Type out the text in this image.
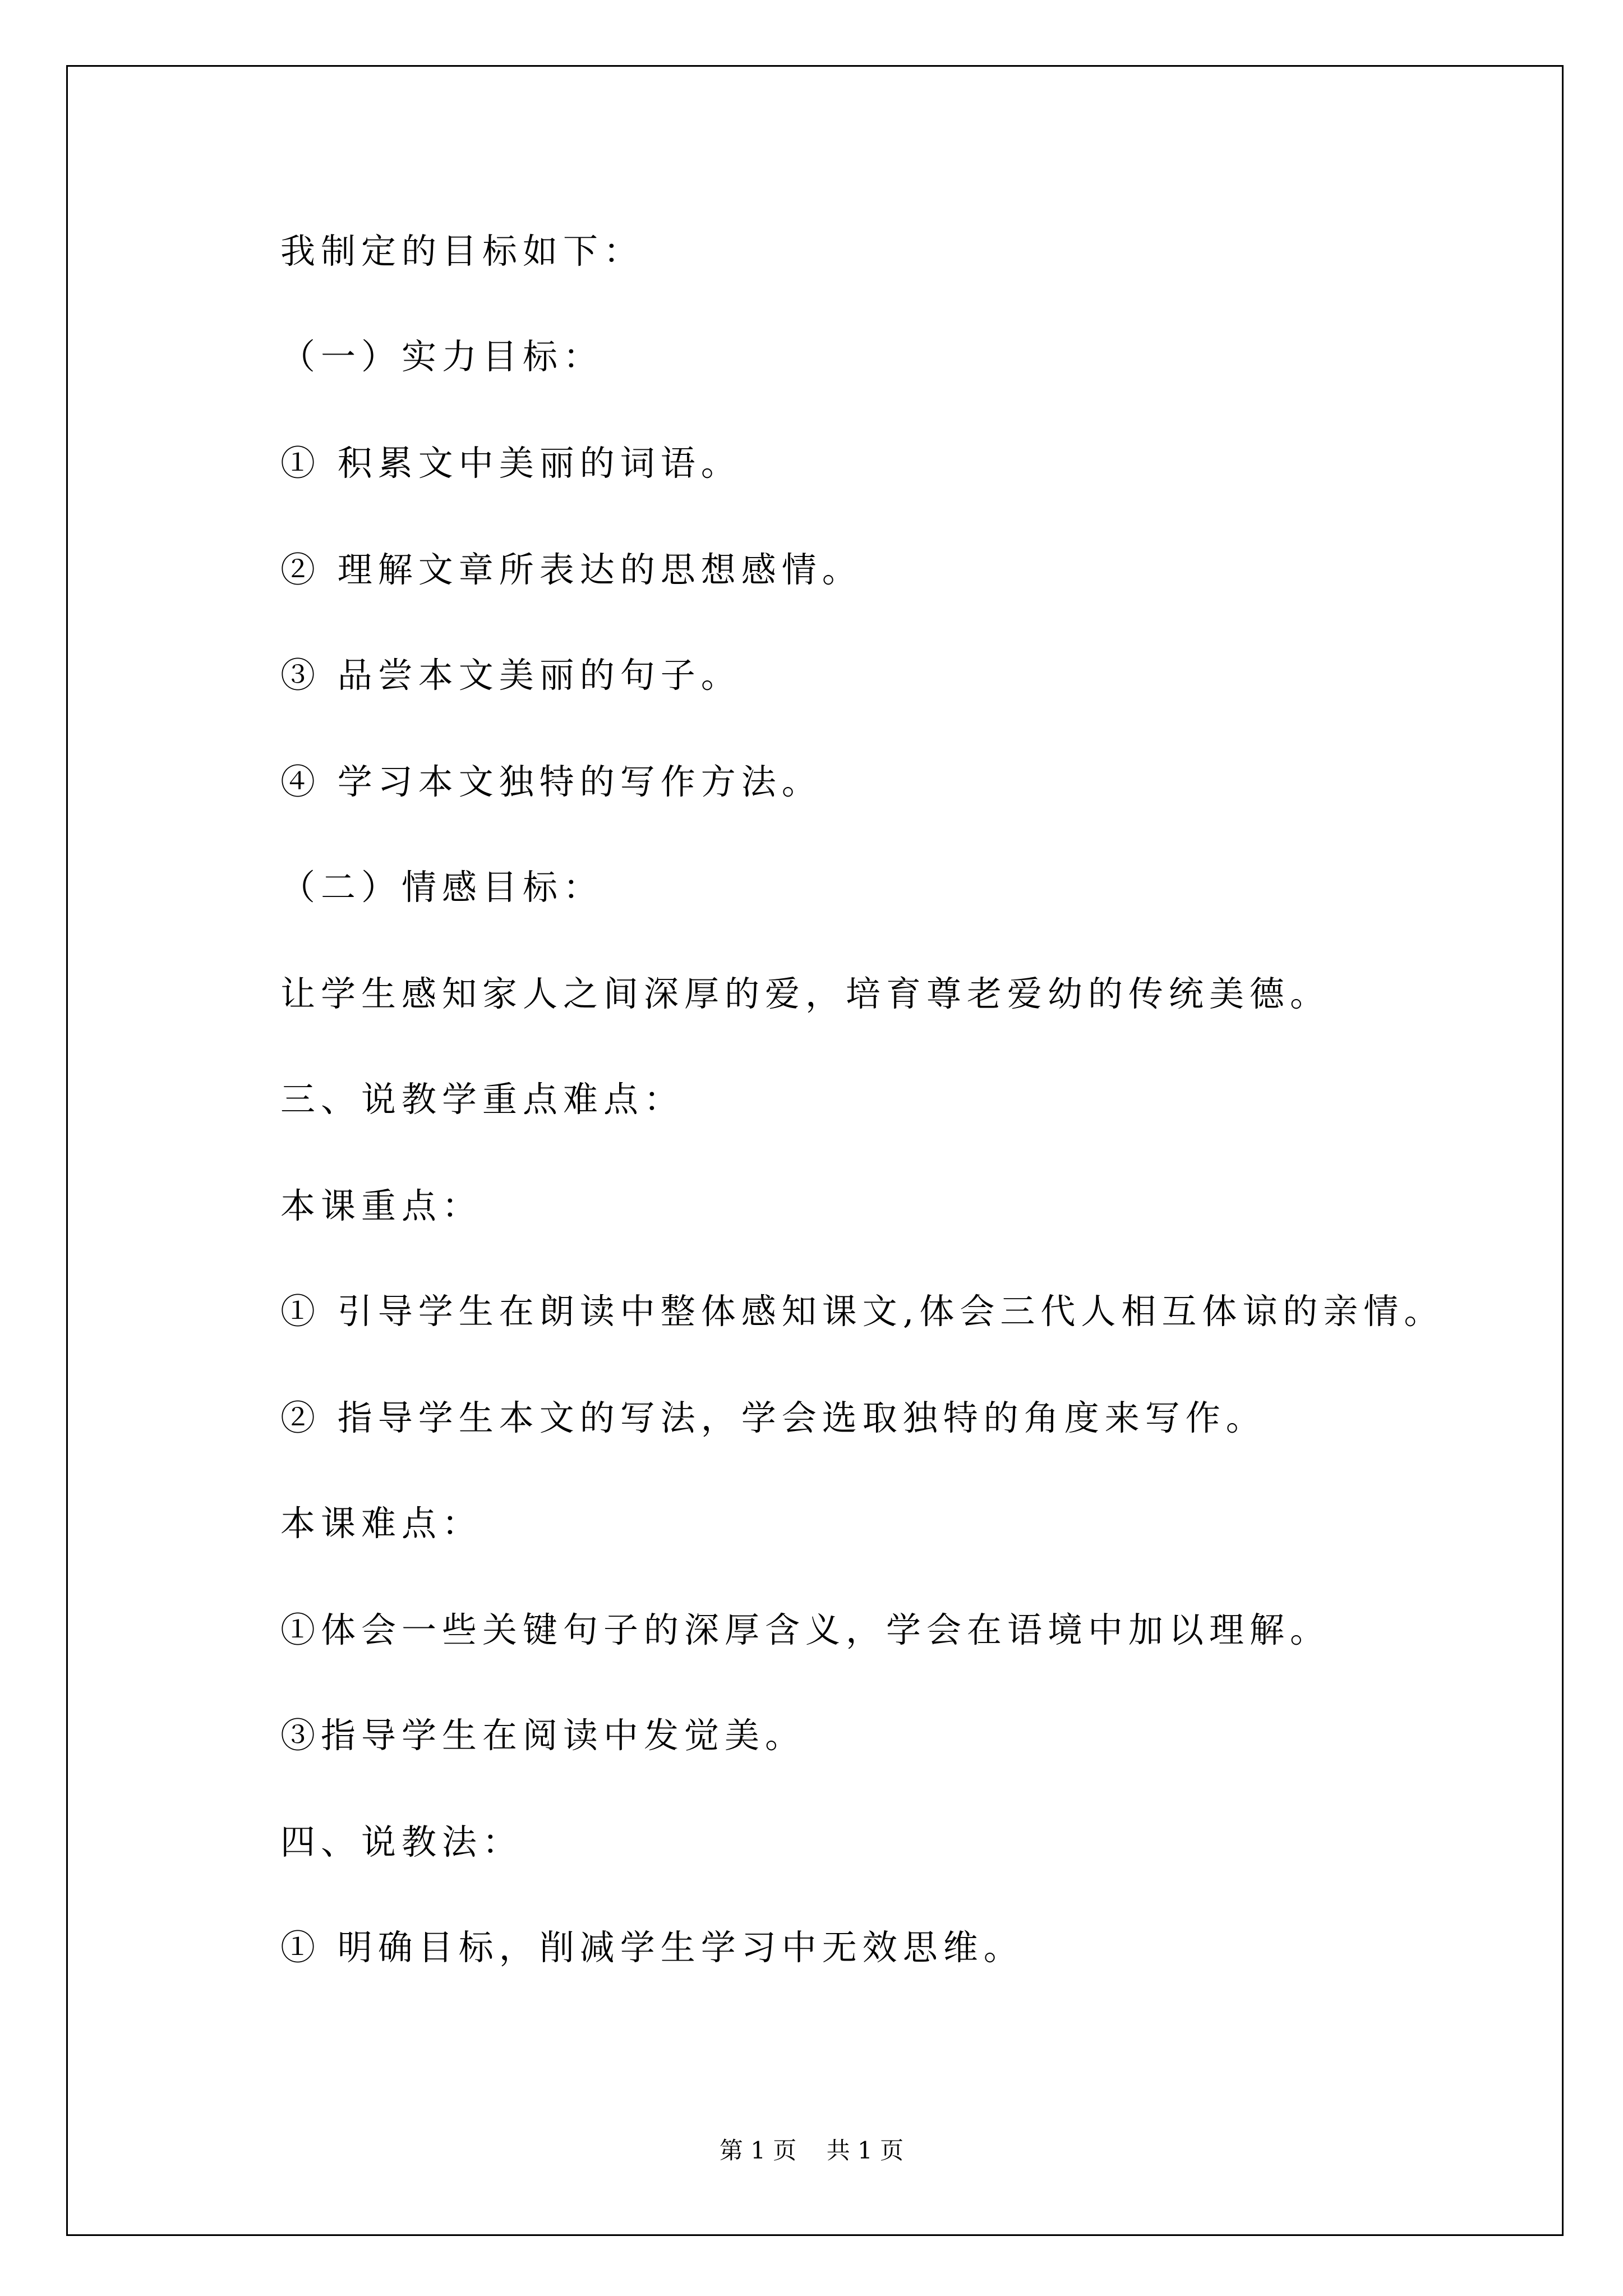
我制定的目标如下：
（一）实力目标：
① 积累文中美丽的词语。
② 理解文章所表达的思想感情。
③ 品尝本文美丽的句子。
④ 学习本文独特的写作方法。
（二）情感目标：
让学生感知家人之间深厚的爱，培育尊老爱幼的传统美德。
三、说教学重点难点：
本课重点：
① 引导学生在朗读中整体感知课文,体会三代人相互体谅的亲情。
② 指导学生本文的写法，学会选取独特的角度来写作。
本课难点：
①体会一些关键句子的深厚含义，学会在语境中加以理解。
③指导学生在阅读中发觉美。
四、说教法：
① 明确目标，削减学生学习中无效思维。
第 1 页    共 1 页
